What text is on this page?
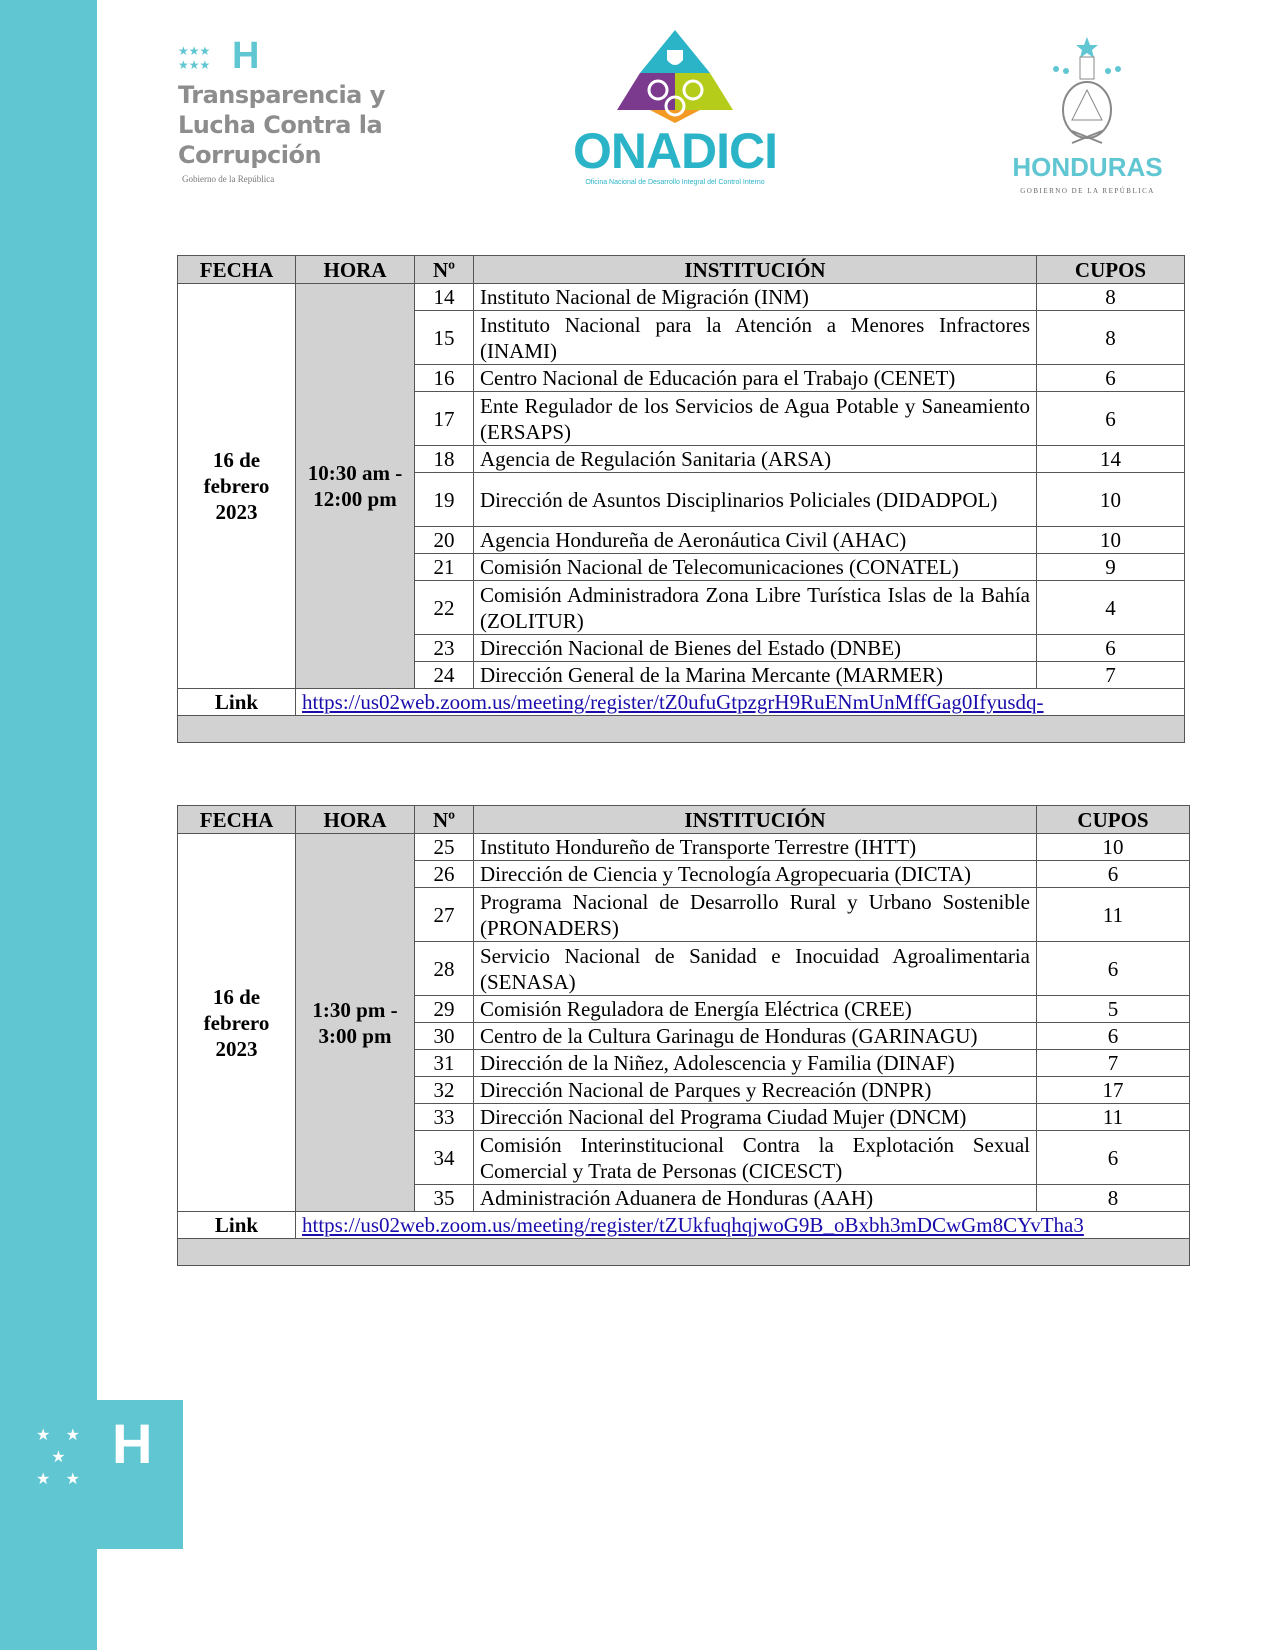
★   ★
★
★   ★
H
★★★
★★★ H
Transparencia y
Lucha Contra la
Corrupción
Gobierno de la República	ONADICI
Oficina Nacional de Desarrollo Integral del Control Interno
HONDURAS
GOBIERNO DE LA REPÚBLICA
FECHA	HORA	Nº	INSTITUCIÓN	CUPOS
16 de
febrero
2023	10:30 am -
12:00 pm	14	Instituto Nacional de Migración (INM)	8
		15	Instituto Nacional para la Atención a Menores Infractores (INAMI)	8
		16	Centro Nacional de Educación para el Trabajo (CENET)	6
		17	Ente Regulador de los Servicios de Agua Potable y Saneamiento (ERSAPS)	6
		18	Agencia de Regulación Sanitaria (ARSA)	14
		19	Dirección de Asuntos Disciplinarios Policiales (DIDADPOL)	10
		20	Agencia Hondureña de Aeronáutica Civil (AHAC)	10
		21	Comisión Nacional de Telecomunicaciones (CONATEL)	9
		22	Comisión Administradora Zona Libre Turística Islas de la Bahía (ZOLITUR)	4
		23	Dirección Nacional de Bienes del Estado (DNBE)	6
		24	Dirección General de la Marina Mercante (MARMER)	7
Link	https://us02web.zoom.us/meeting/register/tZ0ufuGtpzgrH9RuENmUnMffGag0Ifyusdq-			

FECHA	HORA	Nº	INSTITUCIÓN	CUPOS
16 de
febrero
2023	1:30 pm -
3:00 pm	25	Instituto Hondureño de Transporte Terrestre (IHTT)	10
		26	Dirección de Ciencia y Tecnología Agropecuaria (DICTA)	6
		27	Programa Nacional de Desarrollo Rural y Urbano Sostenible (PRONADERS)	11
		28	Servicio Nacional de Sanidad e Inocuidad Agroalimentaria (SENASA)	6
		29	Comisión Reguladora de Energía Eléctrica (CREE)	5
		30	Centro de la Cultura Garinagu de Honduras (GARINAGU)	6
		31	Dirección de la Niñez, Adolescencia y Familia (DINAF)	7
		32	Dirección Nacional de Parques y Recreación (DNPR)	17
		33	Dirección Nacional del Programa Ciudad Mujer (DNCM)	11
		34	Comisión Interinstitucional Contra la Explotación Sexual Comercial y Trata de Personas (CICESCT)	6
		35	Administración Aduanera de Honduras (AAH)	8
Link	https://us02web.zoom.us/meeting/register/tZUkfuqhqjwoG9B_oBxbh3mDCwGm8CYvTha3			
